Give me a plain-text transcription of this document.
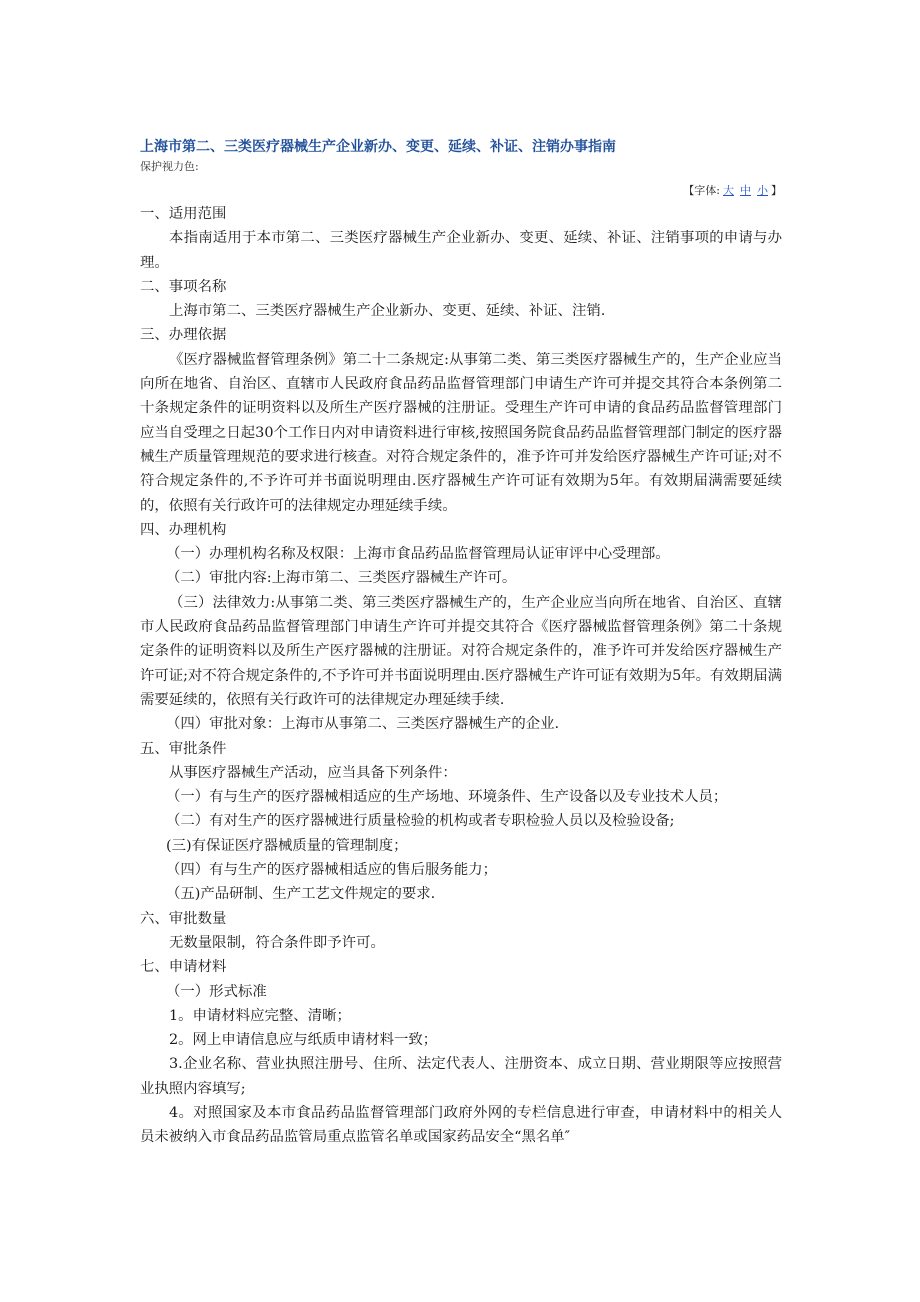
上海市第二、三类医疗器械生产企业新办、变更、延续、补证、注销办事指南
保护视力色:
【字体: 大 中 小 】

一、适用范围

本指南适用于本市第二、三类医疗器械生产企业新办、变更、延续、补证、注销事项的申请与办理。

二、事项名称

上海市第二、三类医疗器械生产企业新办、变更、延续、补证、注销.

三、办理依据

《医疗器械监督管理条例》第二十二条规定:从事第二类、第三类医疗器械生产的，生产企业应当向所在地省、自治区、直辖市人民政府食品药品监督管理部门申请生产许可并提交其符合本条例第二十条规定条件的证明资料以及所生产医疗器械的注册证。受理生产许可申请的食品药品监督管理部门应当自受理之日起30个工作日内对申请资料进行审核,按照国务院食品药品监督管理部门制定的医疗器械生产质量管理规范的要求进行核查。对符合规定条件的，准予许可并发给医疗器械生产许可证;对不符合规定条件的,不予许可并书面说明理由.医疗器械生产许可证有效期为5年。有效期届满需要延续的，依照有关行政许可的法律规定办理延续手续。

四、办理机构

（一）办理机构名称及权限：上海市食品药品监督管理局认证审评中心受理部。

（二）审批内容:上海市第二、三类医疗器械生产许可。

（三）法律效力:从事第二类、第三类医疗器械生产的，生产企业应当向所在地省、自治区、直辖市人民政府食品药品监督管理部门申请生产许可并提交其符合《医疗器械监督管理条例》第二十条规定条件的证明资料以及所生产医疗器械的注册证。对符合规定条件的，准予许可并发给医疗器械生产许可证;对不符合规定条件的,不予许可并书面说明理由.医疗器械生产许可证有效期为5年。有效期届满需要延续的，依照有关行政许可的法律规定办理延续手续.

（四）审批对象：上海市从事第二、三类医疗器械生产的企业.

五、审批条件

从事医疗器械生产活动，应当具备下列条件：

（一）有与生产的医疗器械相适应的生产场地、环境条件、生产设备以及专业技术人员；

（二）有对生产的医疗器械进行质量检验的机构或者专职检验人员以及检验设备;

(三)有保证医疗器械质量的管理制度；

（四）有与生产的医疗器械相适应的售后服务能力；

（五)产品研制、生产工艺文件规定的要求.

六、审批数量

无数量限制，符合条件即予许可。

七、申请材料

（一）形式标准

1。申请材料应完整、清晰；

2。网上申请信息应与纸质申请材料一致；

3.企业名称、营业执照注册号、住所、法定代表人、注册资本、成立日期、营业期限等应按照营业执照内容填写;

4。对照国家及本市食品药品监督管理部门政府外网的专栏信息进行审查，申请材料中的相关人员未被纳入市食品药品监管局重点监管名单或国家药品安全“黑名单″
